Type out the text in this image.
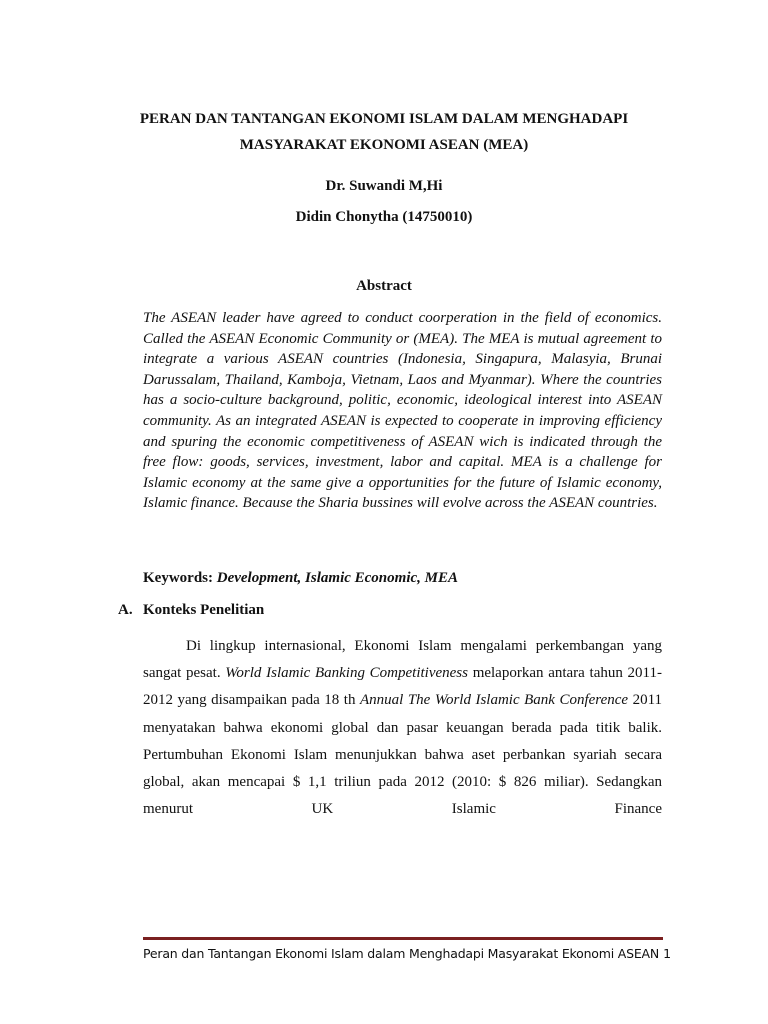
PERAN DAN TANTANGAN EKONOMI ISLAM DALAM MENGHADAPI
MASYARAKAT EKONOMI ASEAN (MEA)
Dr. Suwandi M,Hi
Didin Chonytha (14750010)
Abstract

The ASEAN leader have agreed to conduct coorperation in the field of economics. Called the ASEAN Economic Community or (MEA). The MEA is mutual agreement to integrate a various ASEAN countries (Indonesia, Singapura, Malasyia, Brunai Darussalam, Thailand, Kamboja, Vietnam, Laos and Myanmar). Where the countries has a socio-culture background, politic, economic, ideological interest into ASEAN community. As an integrated ASEAN is expected to cooperate in improving efficiency and spuring the economic competitiveness of ASEAN wich is indicated through the free flow: goods, services, investment, labor and capital. MEA is a challenge for Islamic economy at the same give a opportunities for the future of Islamic economy, Islamic finance. Because the Sharia bussines will evolve across the ASEAN countries.

Keywords: Development, Islamic Economic, MEA
A. Konteks Penelitian

Di lingkup internasional, Ekonomi Islam mengalami perkembangan yang sangat pesat. World Islamic Banking Competitiveness melaporkan antara tahun 2011-2012 yang disampaikan pada 18 th Annual The World Islamic Bank Conference 2011 menyatakan bahwa ekonomi global dan pasar keuangan berada pada titik balik. Pertumbuhan Ekonomi Islam menunjukkan bahwa aset perbankan syariah secara global, akan mencapai $ 1,1 triliun pada 2012 (2010: $ 826 miliar). Sedangkan menurut UK Islamic Finance

Peran dan Tantangan Ekonomi Islam dalam Menghadapi Masyarakat Ekonomi ASEAN 1
